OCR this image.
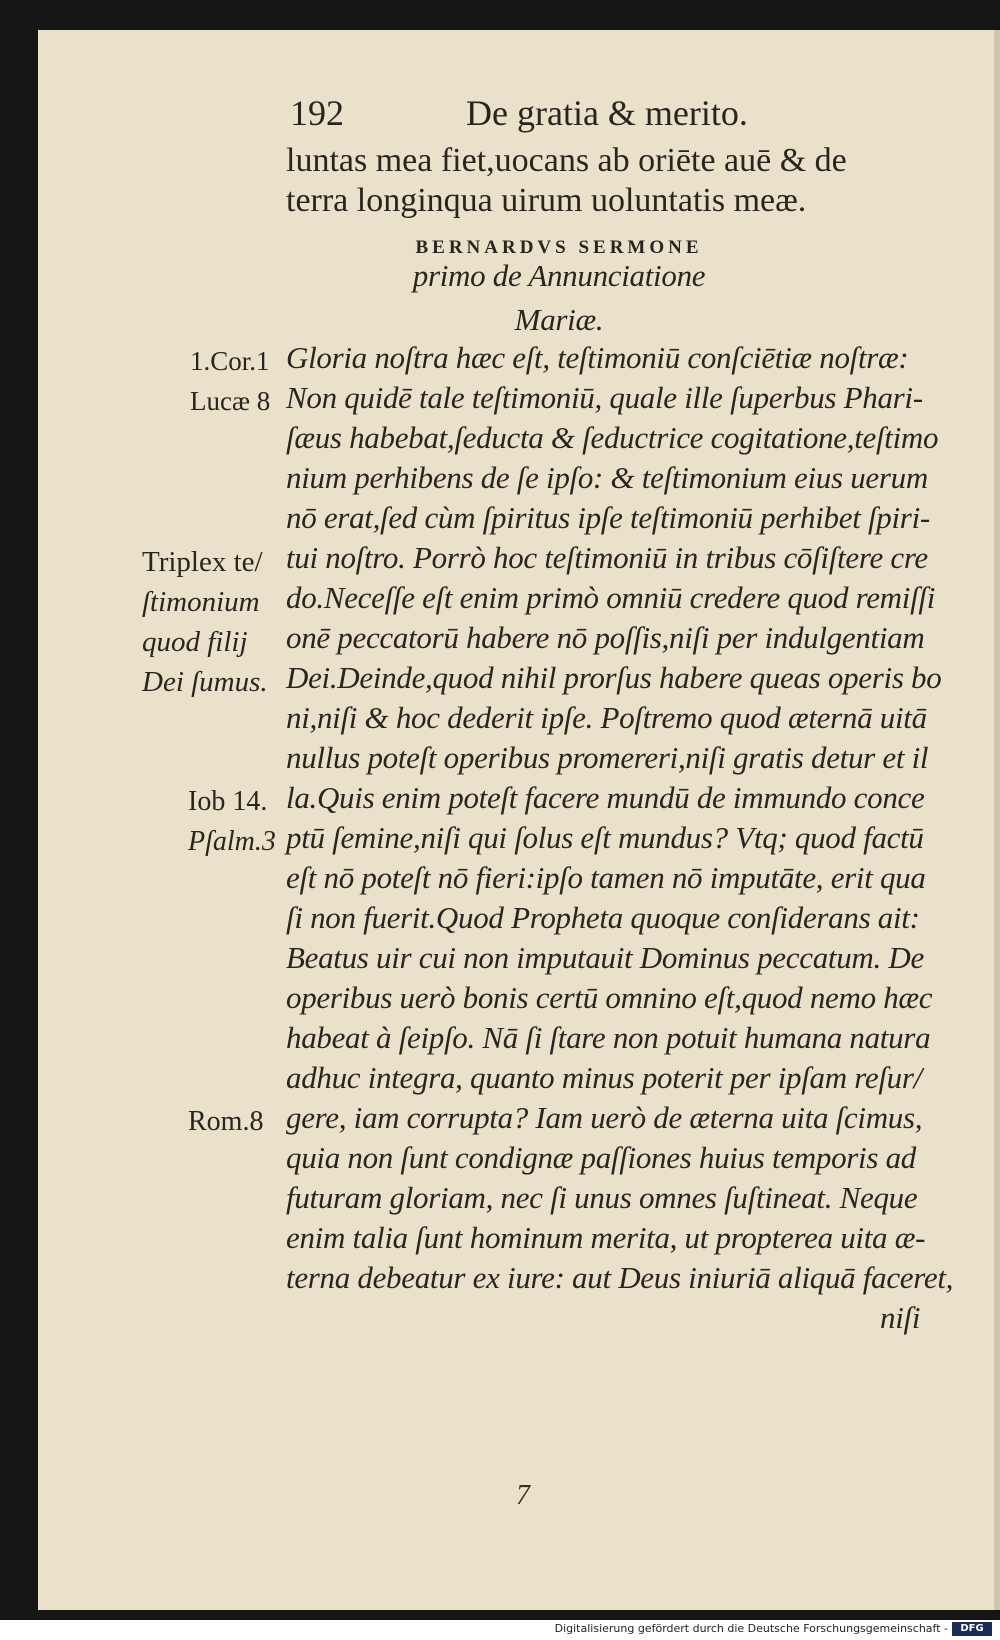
192	De gratia & merito.
luntas mea fiet,uocans ab oriēte auē & de
terra longinqua uirum uoluntatis meæ.
BERNARDVS SERMONE
primo de Annunciatione
Mariæ.
Gloria noſtra hæc eſt, teſtimoniū conſciētiæ noſtræ:
Non quidē tale teſtimoniū, quale ille ſuperbus Phari-
ſæus habebat,ſeducta & ſeductrice cogitatione,teſtimo
nium perhibens de ſe ipſo: & teſtimonium eius uerum
nō erat,ſed cùm ſpiritus ipſe teſtimoniū perhibet ſpiri-
tui noſtro. Porrò hoc teſtimoniū in tribus cōſiſtere cre
do.Neceſſe eſt enim primò omniū credere quod remiſſi
onē peccatorū habere nō poſſis,niſi per indulgentiam
Dei.Deinde,quod nihil prorſus habere queas operis bo
ni,niſi & hoc dederit ipſe. Poſtremo quod æternā uitā
nullus poteſt operibus promereri,niſi gratis detur et il
la.Quis enim poteſt facere mundū de immundo conce
ptū ſemine,niſi qui ſolus eſt mundus? Vtq; quod factū
eſt nō poteſt nō fieri:ipſo tamen nō imputāte, erit qua
ſi non fuerit.Quod Propheta quoque conſiderans ait:
Beatus uir cui non imputauit Dominus peccatum. De
operibus uerò bonis certū omnino eſt,quod nemo hæc
habeat à ſeipſo. Nā ſi ſtare non potuit humana natura
adhuc integra, quanto minus poterit per ipſam reſur/
gere, iam corrupta? Iam uerò de æterna uita ſcimus,
quia non ſunt condignæ paſſiones huius temporis ad
futuram gloriam, nec ſi unus omnes ſuſtineat. Neque
enim talia ſunt hominum merita, ut propterea uita æ-
terna debeatur ex iure: aut Deus iniuriā aliquā faceret,
niſi
1.Cor.1
Lucæ 8
Triplex te/
ſtimonium
quod filij
Dei ſumus.
Iob 14.
Pſalm.3
Rom.8
7
Digitalisierung gefördert durch die Deutsche Forschungsgemeinschaft -	DFG
